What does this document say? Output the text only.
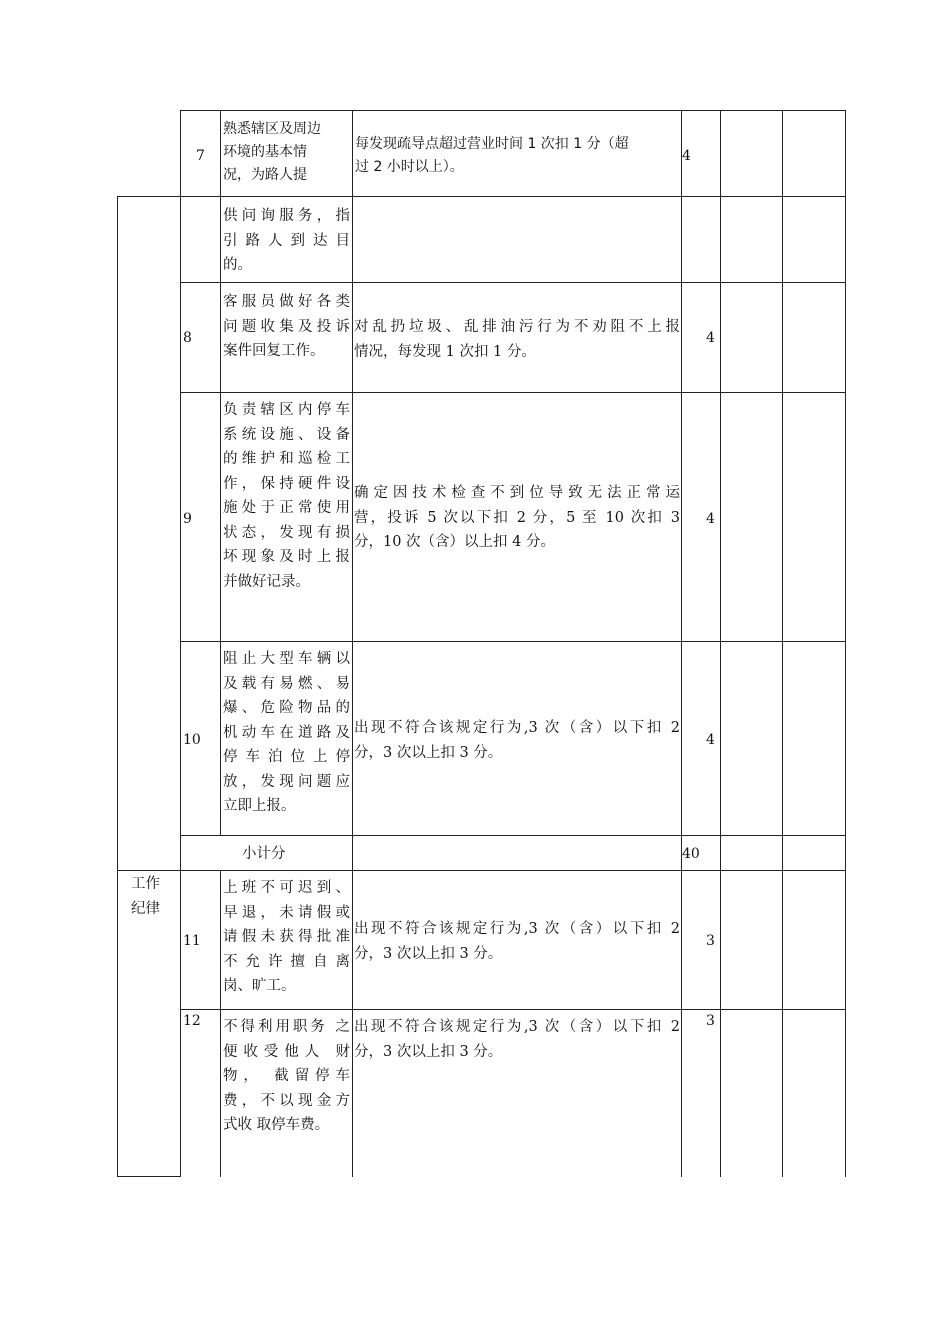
7
熟悉辖区及周边
环境的基本情
况，为路人提
每发现疏导点超过营业时间 1 次扣 1 分（超
过 2 小时以上）。
4
供问询服务，指
引路人到达目
的。
8
客服员做好各类
问题收集及投诉
案件回复工作。
对乱扔垃圾、乱排油污行为不劝阻不上报
情况，每发现 1 次扣 1 分。
4
9
负责辖区内停车
系统设施、设备
的维护和巡检工
作，保持硬件设
施处于正常使用
状态，发现有损
坏现象及时上报
并做好记录。
确定因技术检查不到位导致无法正常运
营，投诉 5 次以下扣 2 分，5 至 10 次扣 3
分，10 次（含）以上扣 4 分。
4
10
阻止大型车辆以
及载有易燃、易
爆、危险物品的
机动车在道路及
停车泊位上停
放，发现问题应
立即上报。
出现不符合该规定行为,3 次（含）以下扣 2
分，3 次以上扣 3 分。
4
小计分	40
工作
纪律
11
上班不可迟到、
早退，未请假或
请假未获得批准
不允许擅自离
岗、旷工。
出现不符合该规定行为,3 次（含）以下扣 2
分，3 次以上扣 3 分。
3
12 不得利用职务 之
便收受他人 财
物， 截留停车
费，不以现金方
式收 取停车费。
出现不符合该规定行为,3 次（含）以下扣 2
分，3 次以上扣 3 分。
3
